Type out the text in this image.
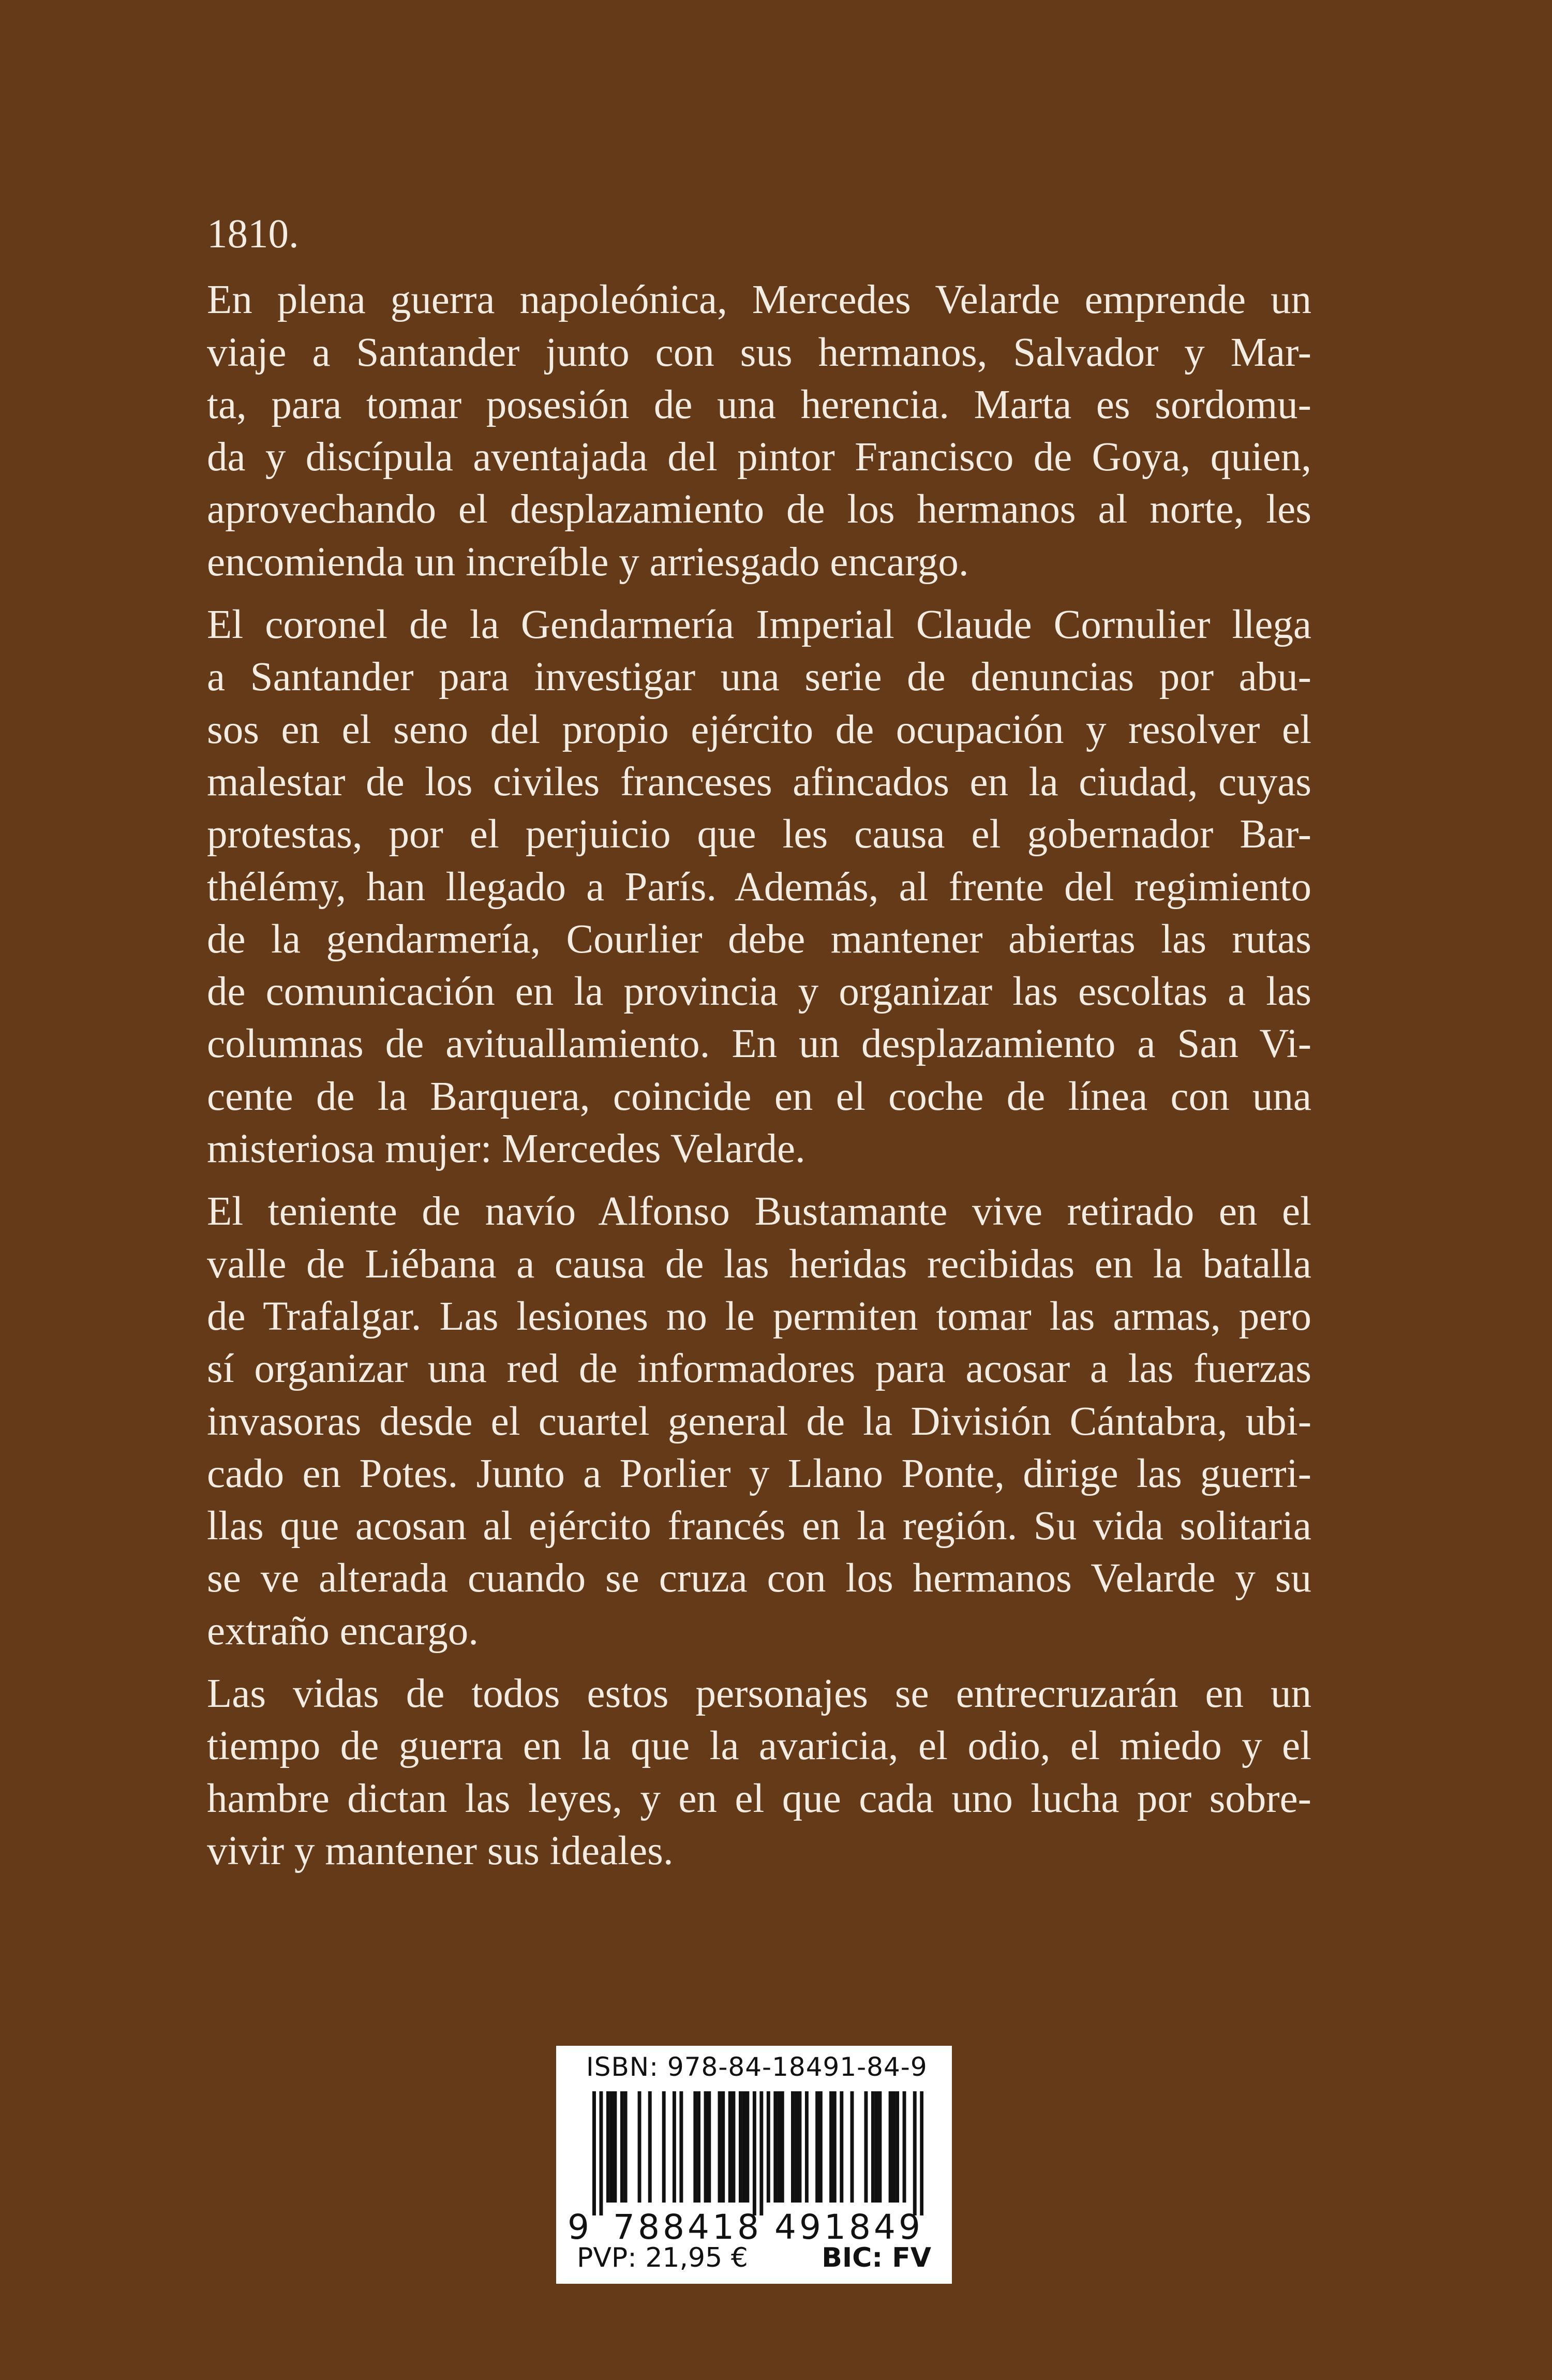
1810.

En plena guerra napoleónica, Mercedes Velarde emprende un
viaje a Santander junto con sus hermanos, Salvador y Mar-
ta, para tomar posesión de una herencia. Marta es sordomu-
da y discípula aventajada del pintor Francisco de Goya, quien,
aprovechando el desplazamiento de los hermanos al norte, les
encomienda un increíble y arriesgado encargo.

El coronel de la Gendarmería Imperial Claude Cornulier llega
a Santander para investigar una serie de denuncias por abu-
sos en el seno del propio ejército de ocupación y resolver el
malestar de los civiles franceses afincados en la ciudad, cuyas
protestas, por el perjuicio que les causa el gobernador Bar-
thélémy, han llegado a París. Además, al frente del regimiento
de la gendarmería, Courlier debe mantener abiertas las rutas
de comunicación en la provincia y organizar las escoltas a las
columnas de avituallamiento. En un desplazamiento a San Vi-
cente de la Barquera, coincide en el coche de línea con una
misteriosa mujer: Mercedes Velarde.

El teniente de navío Alfonso Bustamante vive retirado en el
valle de Liébana a causa de las heridas recibidas en la batalla
de Trafalgar. Las lesiones no le permiten tomar las armas, pero
sí organizar una red de informadores para acosar a las fuerzas
invasoras desde el cuartel general de la División Cántabra, ubi-
cado en Potes. Junto a Porlier y Llano Ponte, dirige las guerri-
llas que acosan al ejército francés en la región. Su vida solitaria
se ve alterada cuando se cruza con los hermanos Velarde y su
extraño encargo.

Las vidas de todos estos personajes se entrecruzarán en un
tiempo de guerra en la que la avaricia, el odio, el miedo y el
hambre dictan las leyes, y en el que cada uno lucha por sobre-
vivir y mantener sus ideales.

ISBN: 978-84-18491-84-9
9 788418 491849
PVP: 21,95 €	BIC: FV
